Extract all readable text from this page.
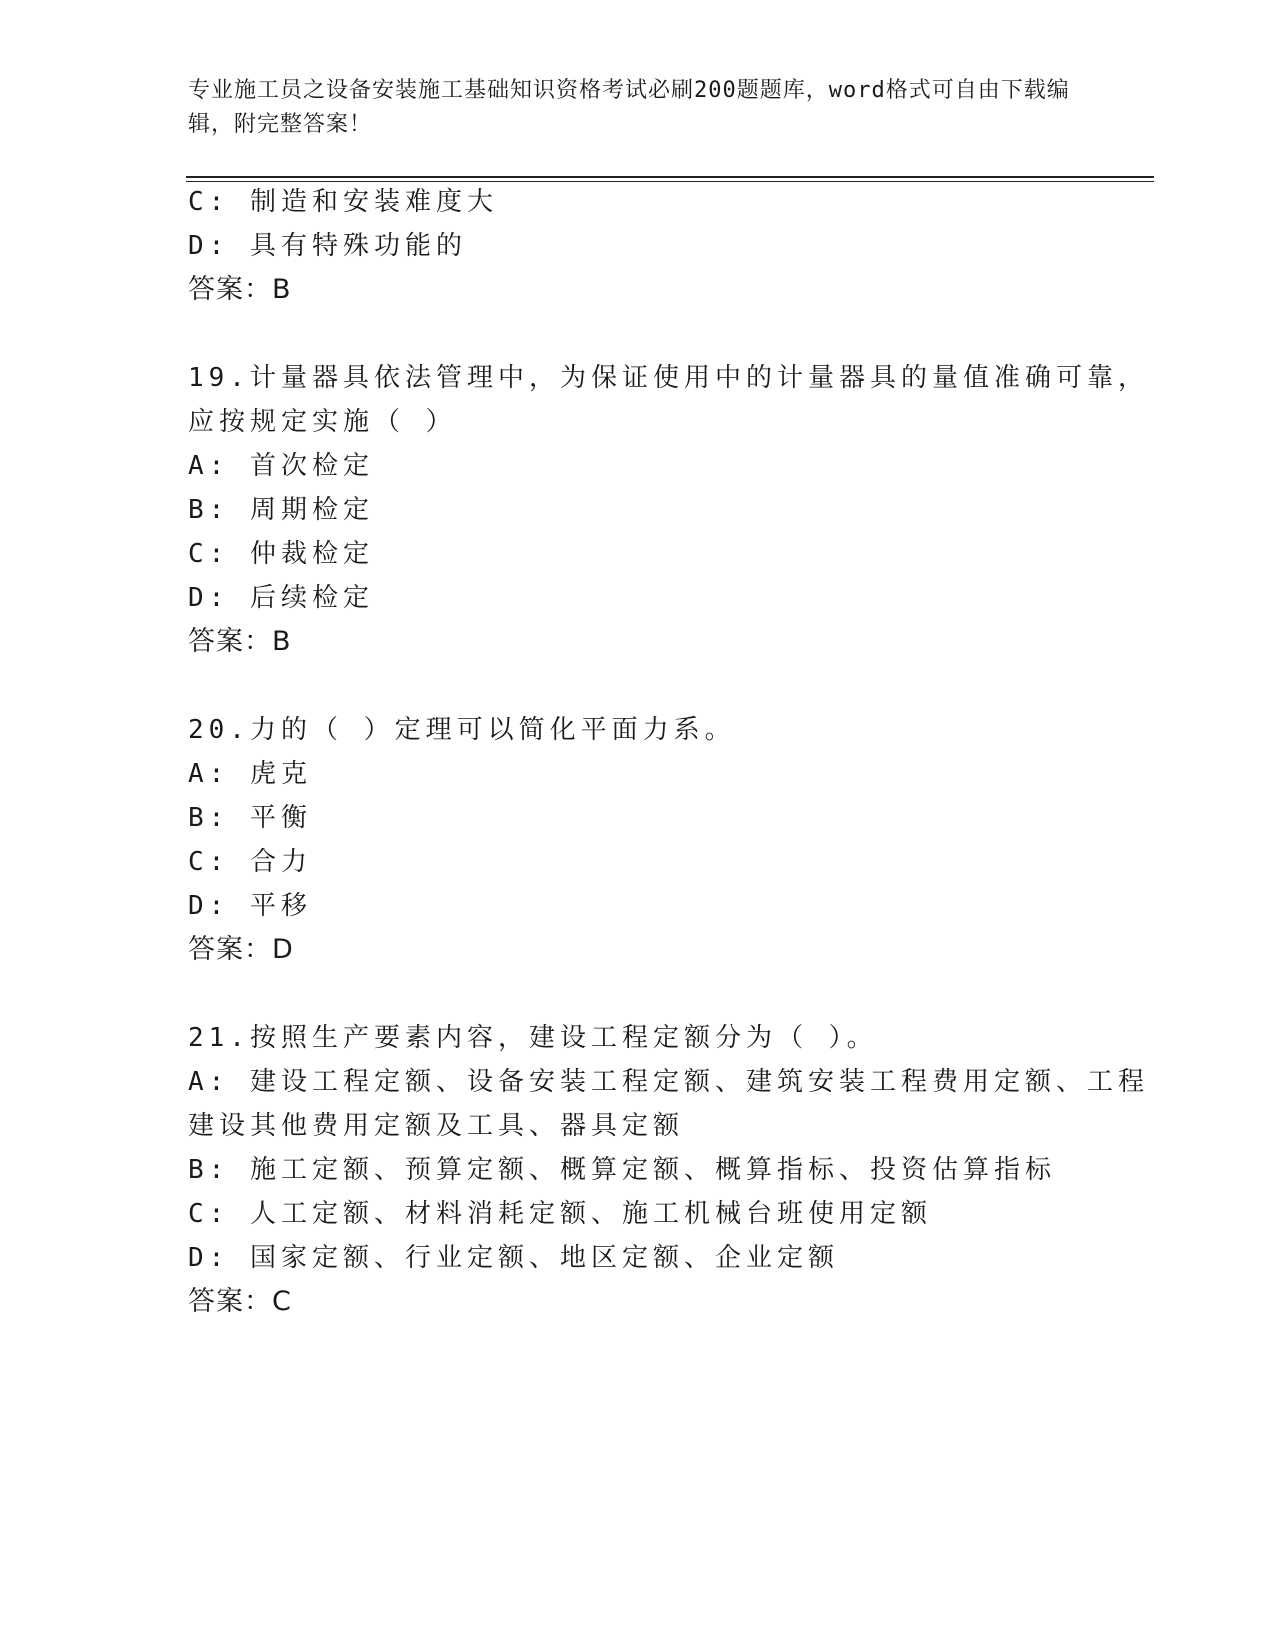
专业施工员之设备安装施工基础知识资格考试必刷200题题库，word格式可自由下载编辑，附完整答案！
C: 制造和安装难度大
D: 具有特殊功能的
答案：B
19.计量器具依法管理中，为保证使用中的计量器具的量值准确可靠，
应按规定实施（ ）
A: 首次检定
B: 周期检定
C: 仲裁检定
D: 后续检定
答案：B
20.力的（ ）定理可以简化平面力系。
A: 虎克
B: 平衡
C: 合力
D: 平移
答案：D
21.按照生产要素内容，建设工程定额分为（ ）。
A: 建设工程定额、设备安装工程定额、建筑安装工程费用定额、工程
建设其他费用定额及工具、器具定额
B: 施工定额、预算定额、概算定额、概算指标、投资估算指标
C: 人工定额、材料消耗定额、施工机械台班使用定额
D: 国家定额、行业定额、地区定额、企业定额
答案：C
